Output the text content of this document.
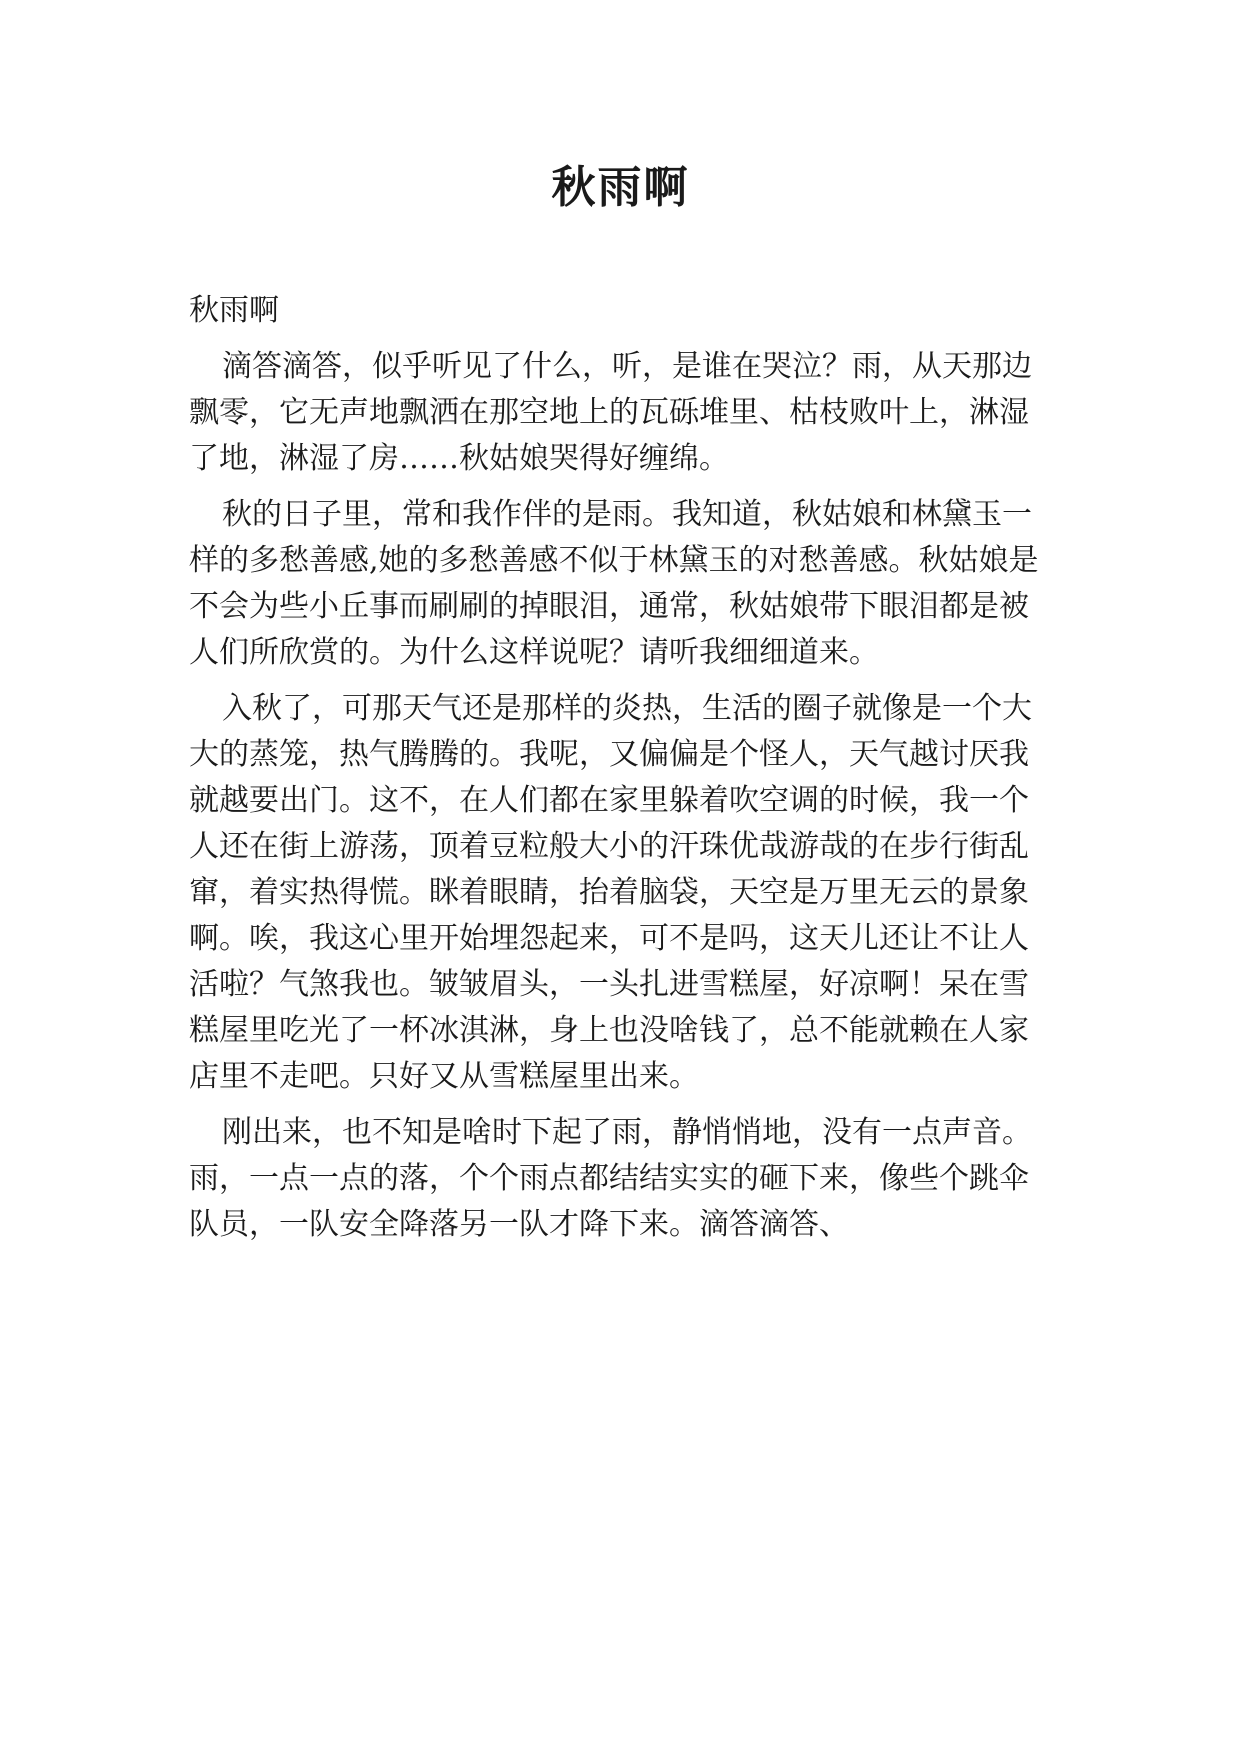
秋雨啊

秋雨啊

滴答滴答，似乎听见了什么，听，是谁在哭泣？雨，从天那边飘零，它无声地飘洒在那空地上的瓦砾堆里、枯枝败叶上，淋湿了地，淋湿了房……秋姑娘哭得好缠绵。

秋的日子里，常和我作伴的是雨。我知道，秋姑娘和林黛玉一样的多愁善感,她的多愁善感不似于林黛玉的对愁善感。秋姑娘是不会为些小丘事而刷刷的掉眼泪，通常，秋姑娘带下眼泪都是被人们所欣赏的。为什么这样说呢？请听我细细道来。

入秋了，可那天气还是那样的炎热，生活的圈子就像是一个大大的蒸笼，热气腾腾的。我呢，又偏偏是个怪人，天气越讨厌我就越要出门。这不，在人们都在家里躲着吹空调的时候，我一个人还在街上游荡，顶着豆粒般大小的汗珠优哉游哉的在步行街乱窜，着实热得慌。眯着眼睛，抬着脑袋，天空是万里无云的景象啊。唉，我这心里开始埋怨起来，可不是吗，这天儿还让不让人活啦？气煞我也。皱皱眉头，一头扎进雪糕屋，好凉啊！呆在雪糕屋里吃光了一杯冰淇淋，身上也没啥钱了，总不能就赖在人家店里不走吧。只好又从雪糕屋里出来。

刚出来，也不知是啥时下起了雨，静悄悄地，没有一点声音。雨，一点一点的落，个个雨点都结结实实的砸下来，像些个跳伞队员，一队安全降落另一队才降下来。滴答滴答、
